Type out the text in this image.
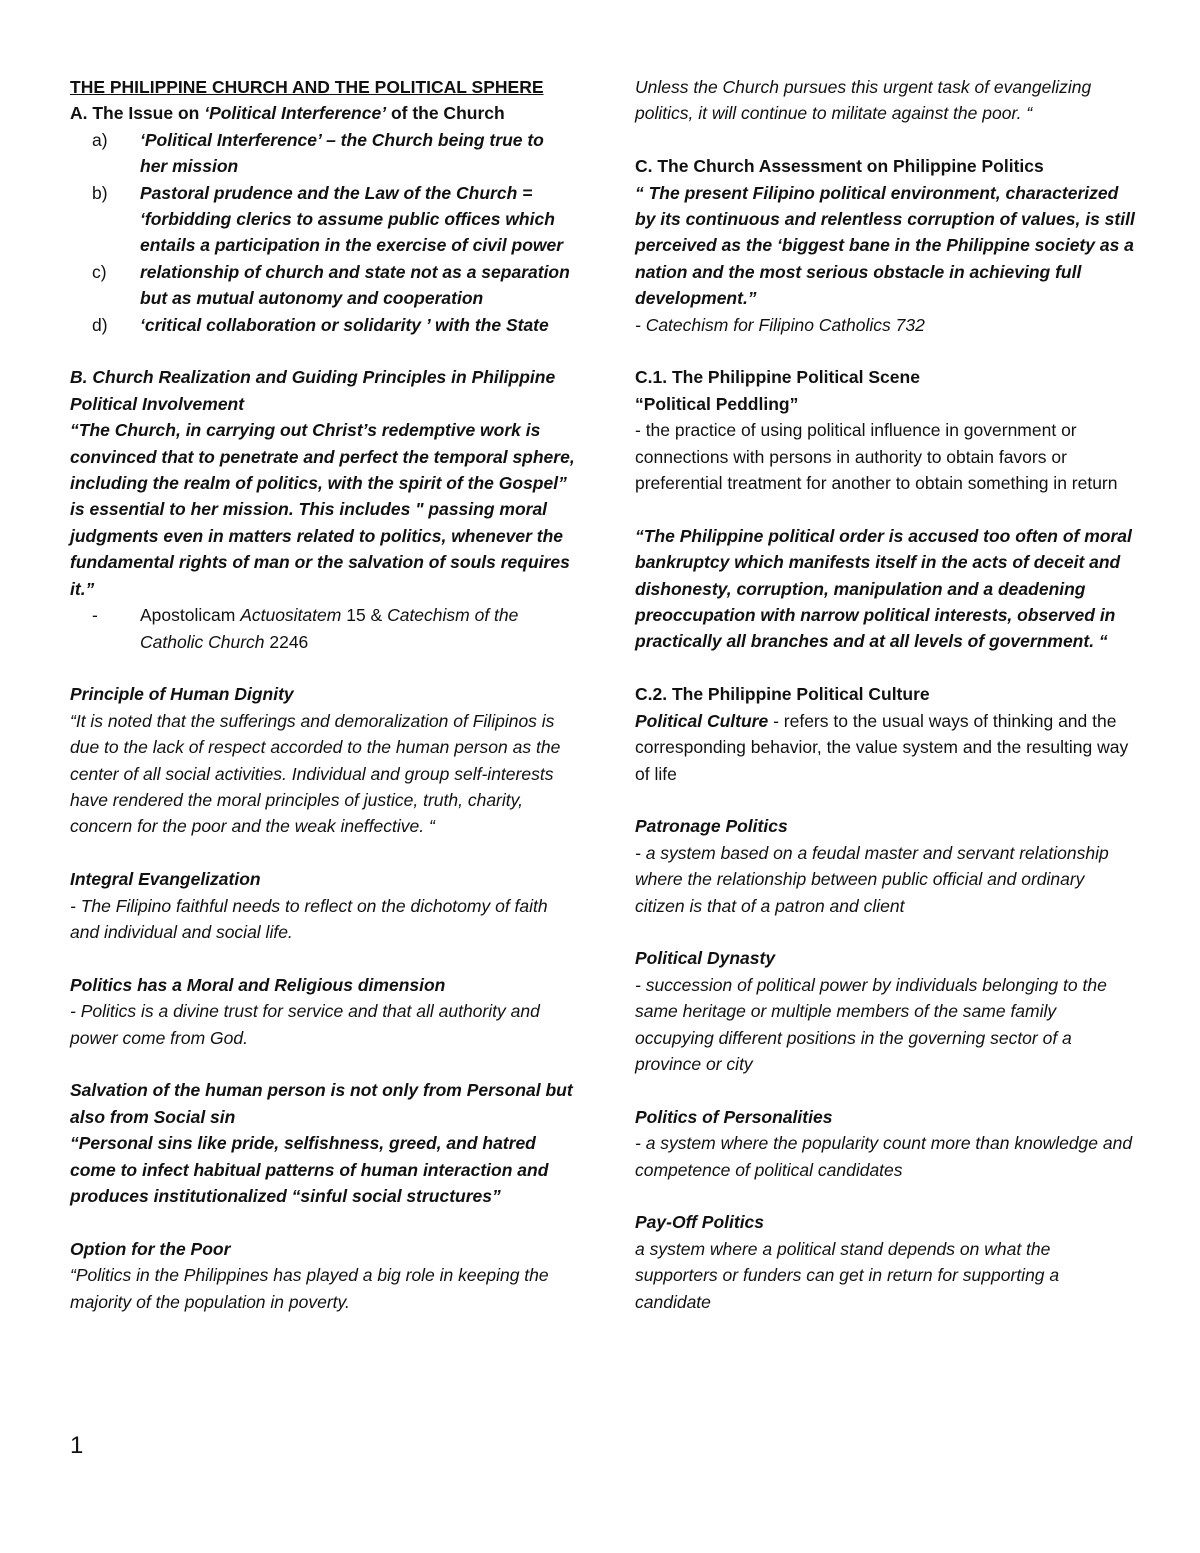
THE PHILIPPINE CHURCH AND THE POLITICAL SPHERE

A. The Issue on ‘Political Interference’ of the Church

a)	‘Political Interference’ – the Church being true to her mission
b)	Pastoral prudence and the Law of the Church = ‘forbidding clerics to assume public offices which entails a participation in the exercise of civil power
c)	relationship of church and state not as a separation but as mutual autonomy and cooperation
d)	‘critical collaboration or solidarity ’ with the State

B. Church Realization and Guiding Principles in Philippine Political Involvement

“The Church, in carrying out Christ’s redemptive work is convinced that to penetrate and perfect the temporal sphere, including the realm of politics, with the spirit of the Gospel” is essential to her mission. This includes " passing moral judgments even in matters related to politics, whenever the fundamental rights of man or the salvation of souls requires it.”

-	Apostolicam Actuositatem 15 & Catechism of the Catholic Church 2246

Principle of Human Dignity

“It is noted that the sufferings and demoralization of Filipinos is due to the lack of respect accorded to the human person as the center of all social activities. Individual and group self-interests have rendered the moral principles of justice, truth, charity, concern for the poor and the weak ineffective. “

Integral Evangelization

- The Filipino faithful needs to reflect on the dichotomy of faith and individual and social life.

Politics has a Moral and Religious dimension

- Politics is a divine trust for service and that all authority and power come from God.

Salvation of the human person is not only from Personal but also from Social sin

“Personal sins like pride, selfishness, greed, and hatred come to infect habitual patterns of human interaction and produces institutionalized “sinful social structures”

Option for the Poor

“Politics in the Philippines has played a big role in keeping the majority of the population in poverty.

Unless the Church pursues this urgent task of evangelizing politics, it will continue to militate against the poor. “

C. The Church Assessment on Philippine Politics

“ The present Filipino political environment, characterized by its continuous and relentless corruption of values, is still perceived as the ‘biggest bane in the Philippine society as a nation and the most serious obstacle in achieving full development.”

- Catechism for Filipino Catholics 732

C.1. The Philippine Political Scene

“Political Peddling”

- the practice of using political influence in government or connections with persons in authority to obtain favors or preferential treatment for another to obtain something in return

“The Philippine political order is accused too often of moral bankruptcy which manifests itself in the acts of deceit and dishonesty, corruption, manipulation and a deadening preoccupation with narrow political interests, observed in practically all branches and at all levels of government. “

C.2. The Philippine Political Culture

Political Culture - refers to the usual ways of thinking and the corresponding behavior, the value system and the resulting way of life

Patronage Politics

- a system based on a feudal master and servant relationship where the relationship between public official and ordinary citizen is that of a patron and client

Political Dynasty

- succession of political power by individuals belonging to the same heritage or multiple members of the same family occupying different positions in the governing sector of a province or city

Politics of Personalities

- a system where the popularity count more than knowledge and competence of political candidates

Pay-Off Politics

a system where a political stand depends on what the supporters or funders can get in return for supporting a candidate

1
